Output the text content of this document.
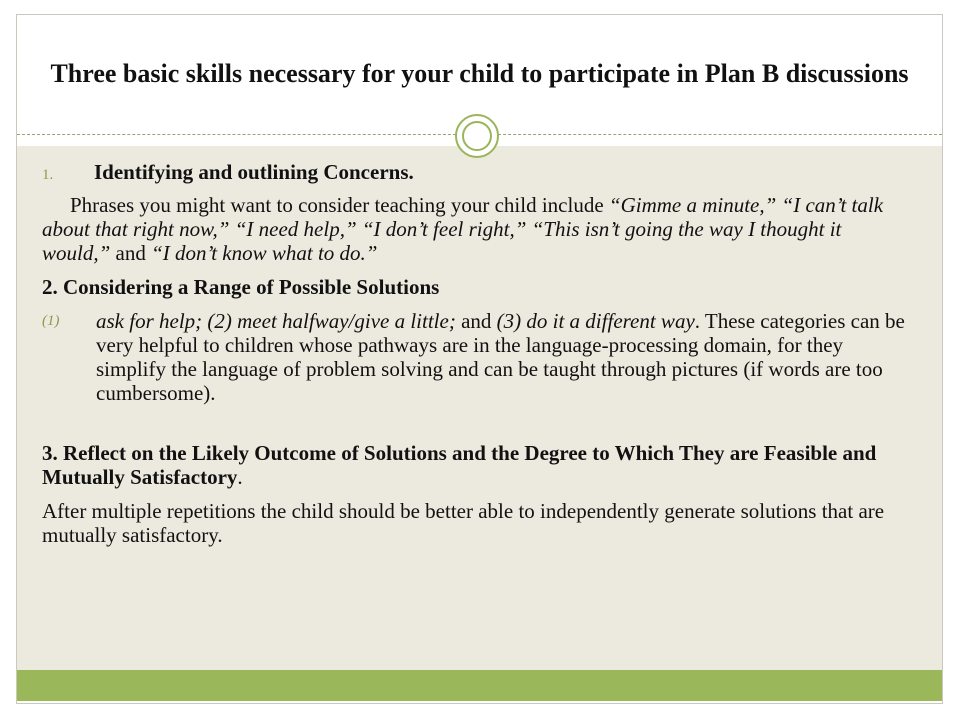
Three basic skills necessary for your child to participate in Plan B discussions

1. Identifying and outlining Concerns.

Phrases you might want to consider teaching your child include “Gimme a minute,” “I can’t talk about that right now,” “I need help,” “I don’t feel right,” “This isn’t going the way I thought it would,” and “I don’t know what to do.”

2. Considering a Range of Possible Solutions

(1) ask for help; (2) meet halfway/give a little; and (3) do it a different way. These categories can be very helpful to children whose pathways are in the language-processing domain, for they simplify the language of problem solving and can be taught through pictures (if words are too cumbersome).

3. Reflect on the Likely Outcome of Solutions and the Degree to Which They are Feasible and Mutually Satisfactory.

After multiple repetitions the child should be better able to independently generate solutions that are mutually satisfactory.
